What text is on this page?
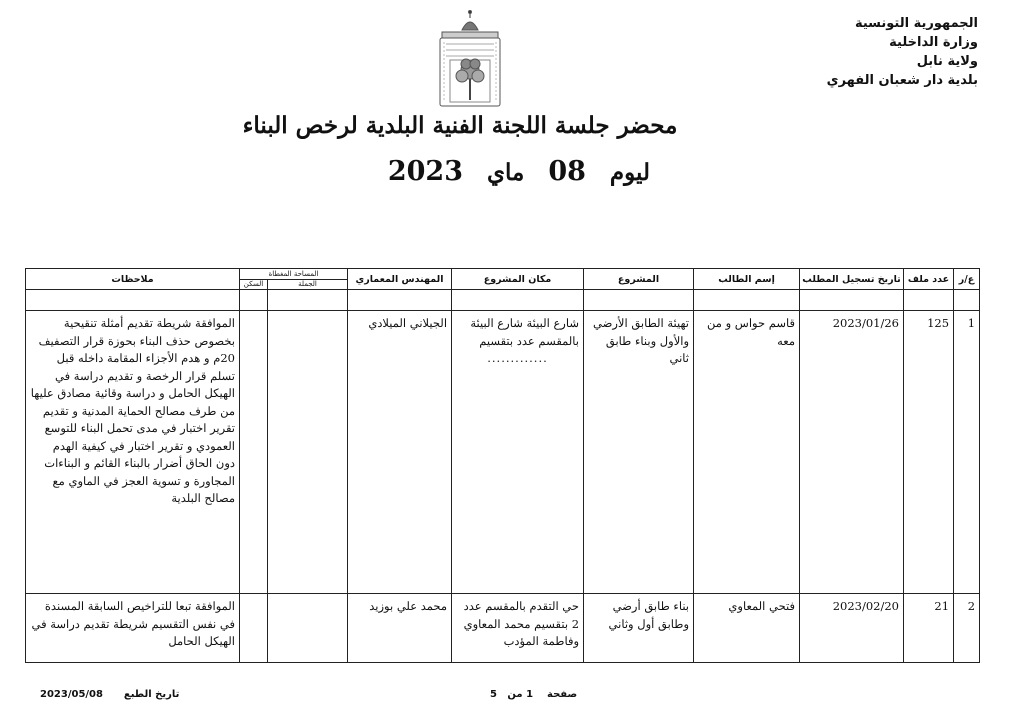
الجمهورية التونسية
وزارة الداخلية
ولاية نابل
بلدية دار شعبان الفهري
محضر جلسة اللجنة الفنية البلدية لرخص البناء
ليوم
08
ماي
2023
ع/ر	عدد ملف	تاريخ تسجيل المطلب	إسم الطالب	المشروع	مكان المشروع	المهندس المعماري	المساحة المغطاة		ملاحظات
							الجملة	السكن	

1	125	2023/01/26	قاسم حواس و من معه	تهيئة الطابق الأرضي والأول وبناء طابق ثاني	شارع البيئة شارع البيئة بالمقسم عدد بتقسيم
.............	الجيلاني الميلادي			الموافقة شريطة تقديم أمثلة تنقيحية بخصوص حذف البناء بحوزة قرار التصفيف 20م و هدم الأجزاء المقامة داخله قبل تسلم قرار الرخصة و تقديم دراسة في الهيكل الحامل و دراسة وقائية مصادق عليها من طرف مصالح الحماية المدنية و تقديم تقرير اختبار في مدى تحمل البناء للتوسع العمودي و تقرير اختبار في كيفية الهدم دون الحاق أضرار بالبناء القائم و البناءات المجاورة و تسوية العجز في الماوي مع مصالح البلدية
2	21	2023/02/20	فتحي المعاوي	بناء طابق أرضي وطابق أول وثاني	حي التقدم بالمقسم عدد 2 بتقسيم محمد المعاوي وفاطمة المؤدب	محمد علي بوزيد			الموافقة تبعا للتراخيص السابقة المسندة في نفس التقسيم شريطة تقديم دراسة في الهيكل الحامل
صفحة    1 من   5
2023/05/08 تاريخ الطبع
